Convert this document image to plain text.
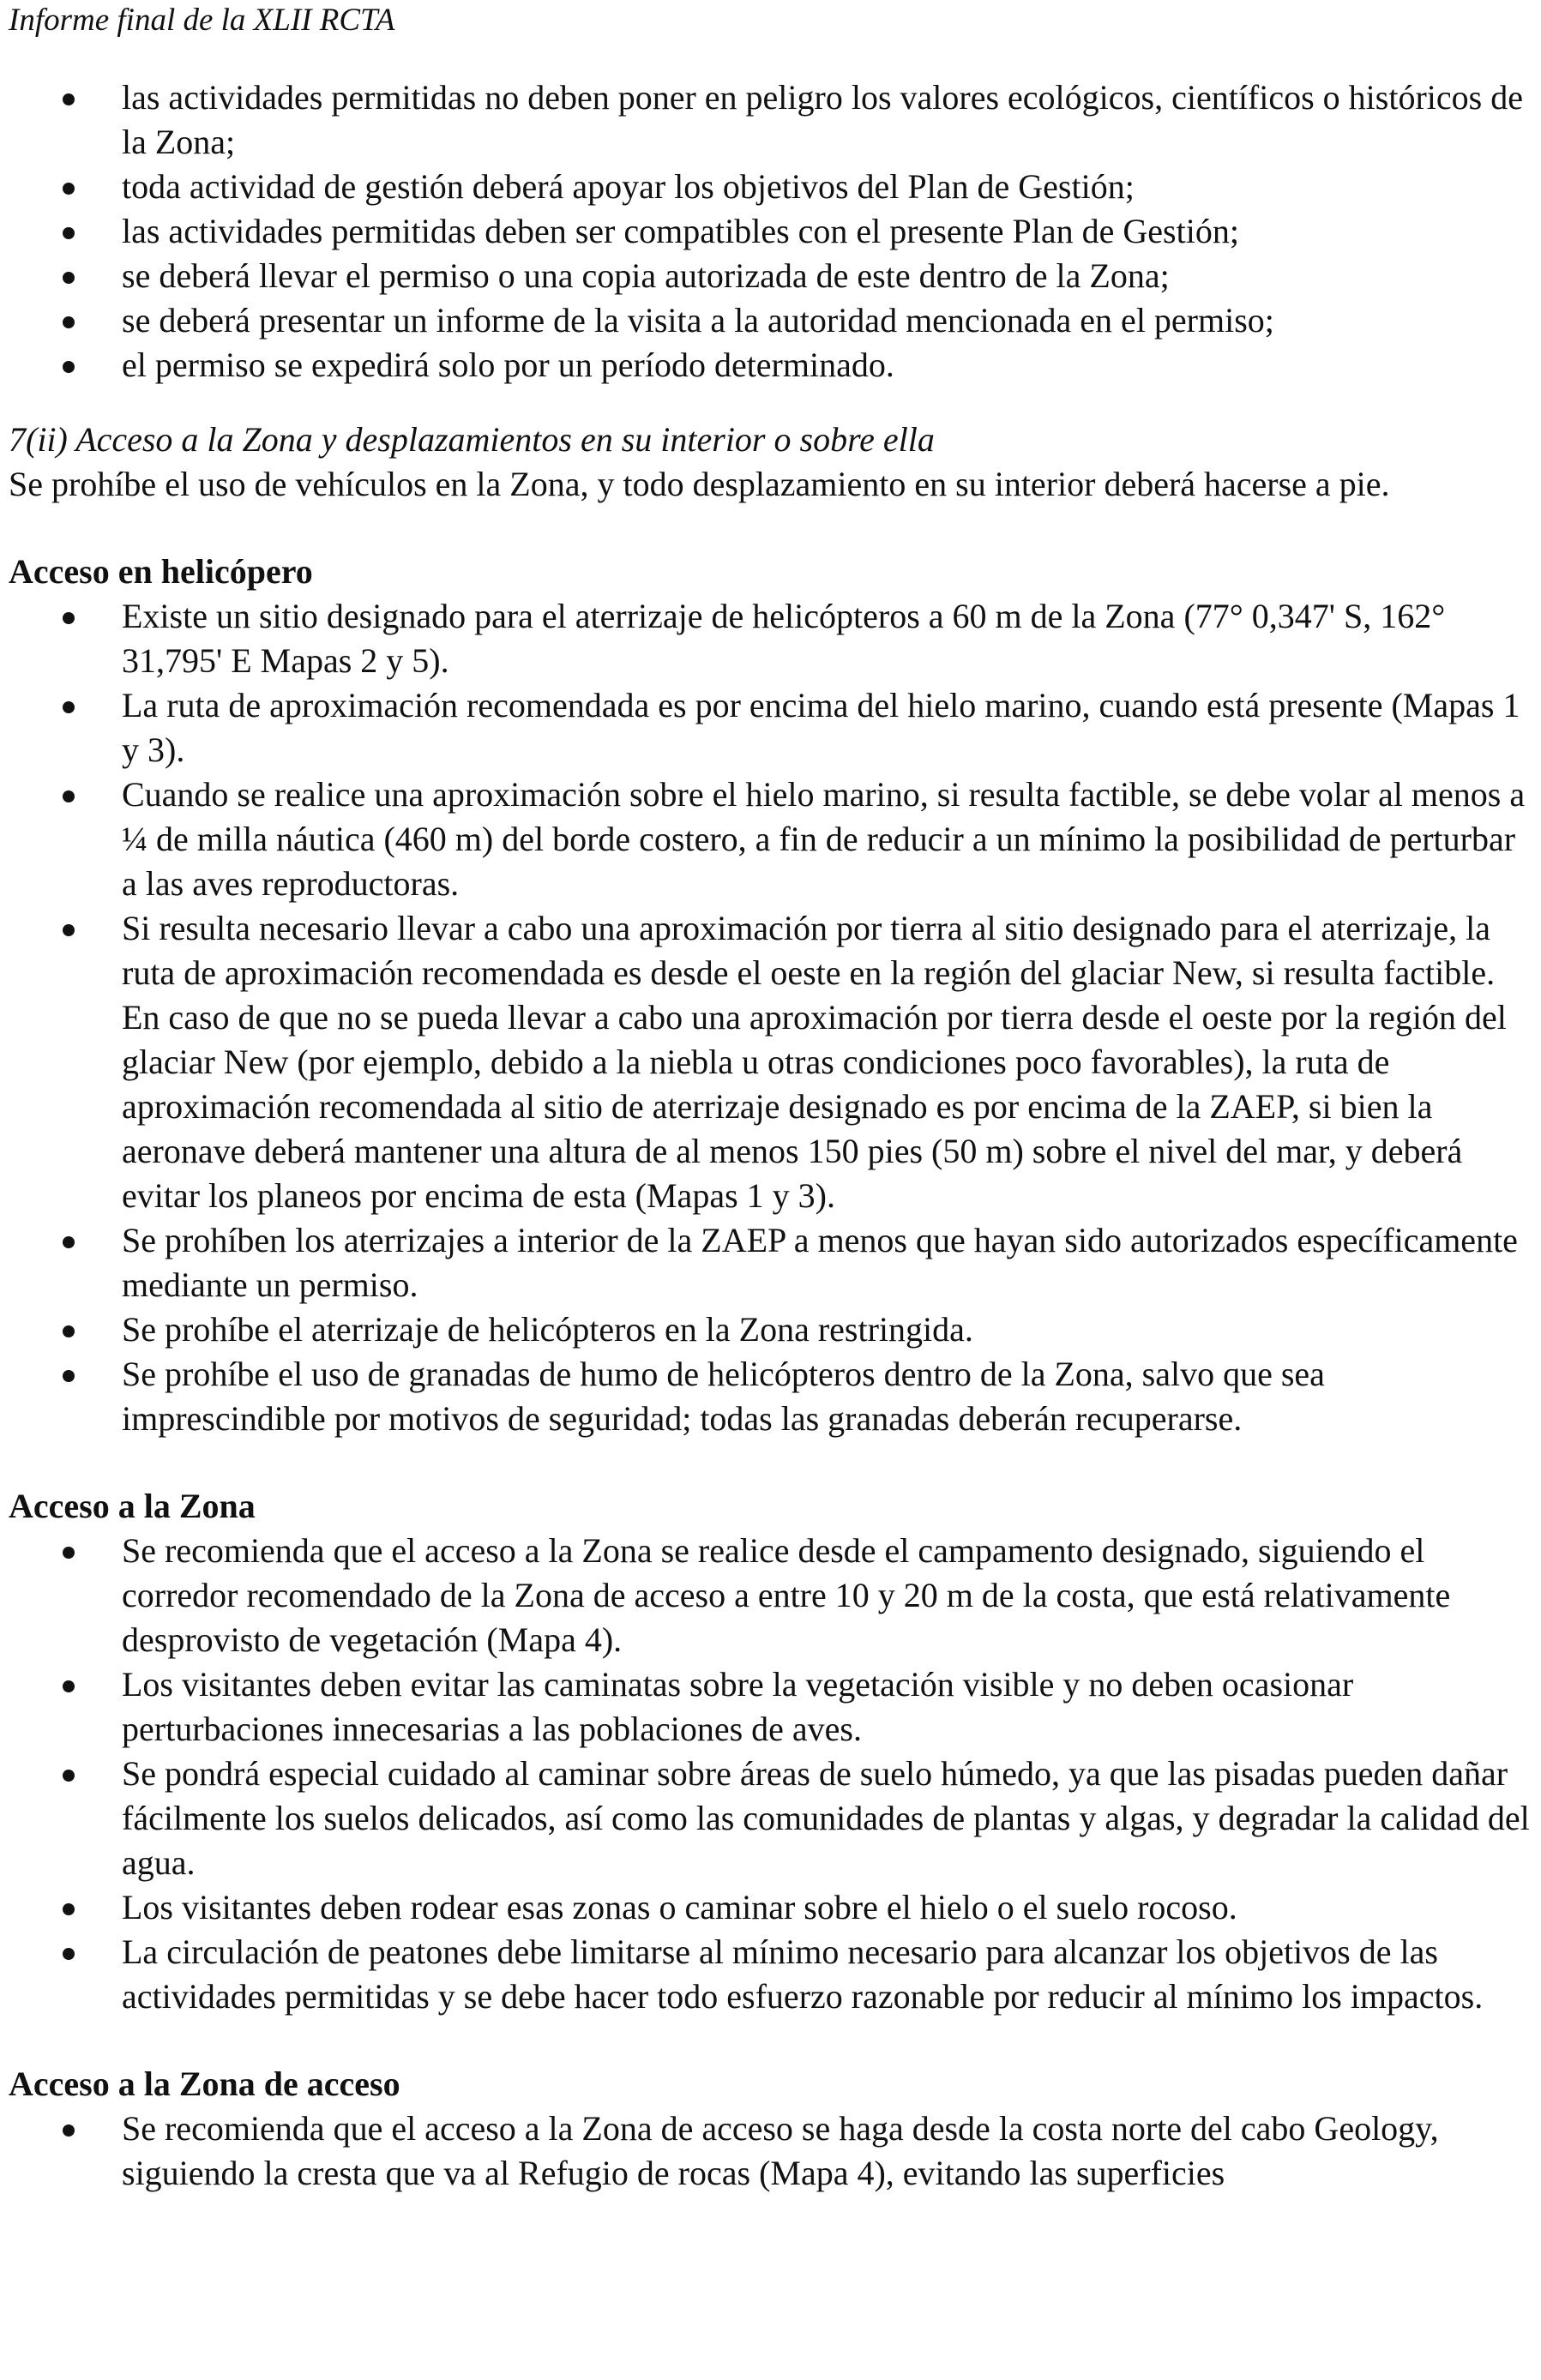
Informe final de la XLII RCTA
las actividades permitidas no deben poner en peligro los valores ecológicos, científicos o históricos de la Zona;
toda actividad de gestión deberá apoyar los objetivos del Plan de Gestión;
las actividades permitidas deben ser compatibles con el presente Plan de Gestión;
se deberá llevar el permiso o una copia autorizada de este dentro de la Zona;
se deberá presentar un informe de la visita a la autoridad mencionada en el permiso;
el permiso se expedirá solo por un período determinado.
7(ii) Acceso a la Zona y desplazamientos en su interior o sobre ella
Se prohíbe el uso de vehículos en la Zona, y todo desplazamiento en su interior deberá hacerse a pie.
Acceso en helicópero
Existe un sitio designado para el aterrizaje de helicópteros a 60 m de la Zona (77° 0,347' S, 162° 31,795' E Mapas 2 y 5).
La ruta de aproximación recomendada es por encima del hielo marino, cuando está presente (Mapas 1 y 3).
Cuando se realice una aproximación sobre el hielo marino, si resulta factible, se debe volar al menos a ¼ de milla náutica (460 m) del borde costero, a fin de reducir a un mínimo la posibilidad de perturbar a las aves reproductoras.
Si resulta necesario llevar a cabo una aproximación por tierra al sitio designado para el aterrizaje, la ruta de aproximación recomendada es desde el oeste en la región del glaciar New, si resulta factible. En caso de que no se pueda llevar a cabo una aproximación por tierra desde el oeste por la región del glaciar New (por ejemplo, debido a la niebla u otras condiciones poco favorables), la ruta de aproximación recomendada al sitio de aterrizaje designado es por encima de la ZAEP, si bien la aeronave deberá mantener una altura de al menos 150 pies (50 m) sobre el nivel del mar, y deberá evitar los planeos por encima de esta (Mapas 1 y 3).
Se prohíben los aterrizajes a interior de la ZAEP a menos que hayan sido autorizados específicamente mediante un permiso.
Se prohíbe el aterrizaje de helicópteros en la Zona restringida.
Se prohíbe el uso de granadas de humo de helicópteros dentro de la Zona, salvo que sea imprescindible por motivos de seguridad; todas las granadas deberán recuperarse.
Acceso a la Zona
Se recomienda que el acceso a la Zona se realice desde el campamento designado, siguiendo el corredor recomendado de la Zona de acceso a entre 10 y 20 m de la costa, que está relativamente desprovisto de vegetación (Mapa 4).
Los visitantes deben evitar las caminatas sobre la vegetación visible y no deben ocasionar perturbaciones innecesarias a las poblaciones de aves.
Se pondrá especial cuidado al caminar sobre áreas de suelo húmedo, ya que las pisadas pueden dañar fácilmente los suelos delicados, así como las comunidades de plantas y algas, y degradar la calidad del agua.
Los visitantes deben rodear esas zonas o caminar sobre el hielo o el suelo rocoso.
La circulación de peatones debe limitarse al mínimo necesario para alcanzar los objetivos de las actividades permitidas y se debe hacer todo esfuerzo razonable por reducir al mínimo los impactos.
Acceso a la Zona de acceso
Se recomienda que el acceso a la Zona de acceso se haga desde la costa norte del cabo Geology, siguiendo la cresta que va al Refugio de rocas (Mapa 4), evitando las superficies
